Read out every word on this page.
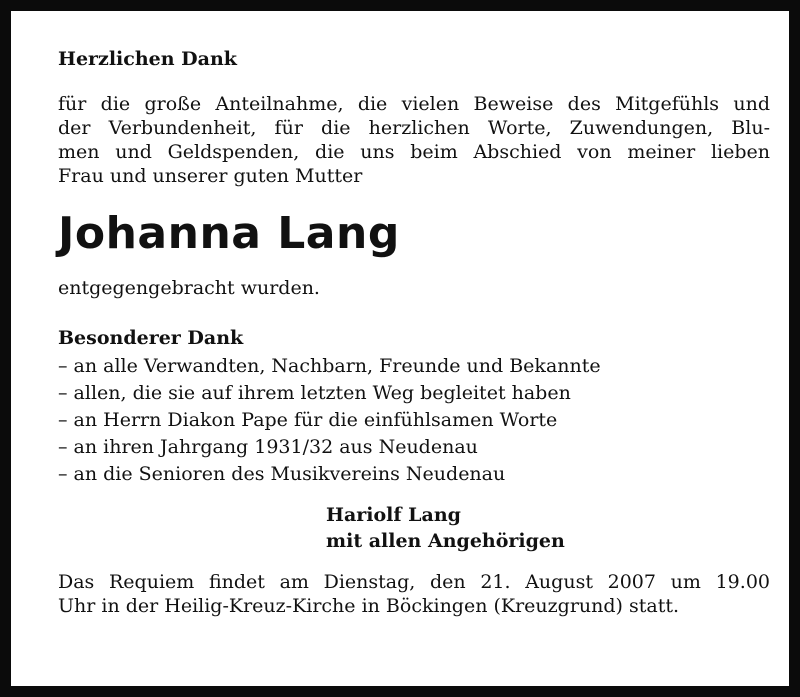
Herzlichen Dank
für die große Anteilnahme, die vielen Beweise des Mitgefühls und
der Verbundenheit, für die herzlichen Worte, Zuwendungen, Blu-
men und Geldspenden, die uns beim Abschied von meiner lieben
Frau und unserer guten Mutter
Johanna Lang
entgegengebracht wurden.
Besonderer Dank
– an alle Verwandten, Nachbarn, Freunde und Bekannte
– allen, die sie auf ihrem letzten Weg begleitet haben
– an Herrn Diakon Pape für die einfühlsamen Worte
– an ihren Jahrgang 1931/32 aus Neudenau
– an die Senioren des Musikvereins Neudenau
Hariolf Lang
mit allen Angehörigen
Das Requiem findet am Dienstag, den 21. August 2007 um 19.00
Uhr in der Heilig-Kreuz-Kirche in Böckingen (Kreuzgrund) statt.
